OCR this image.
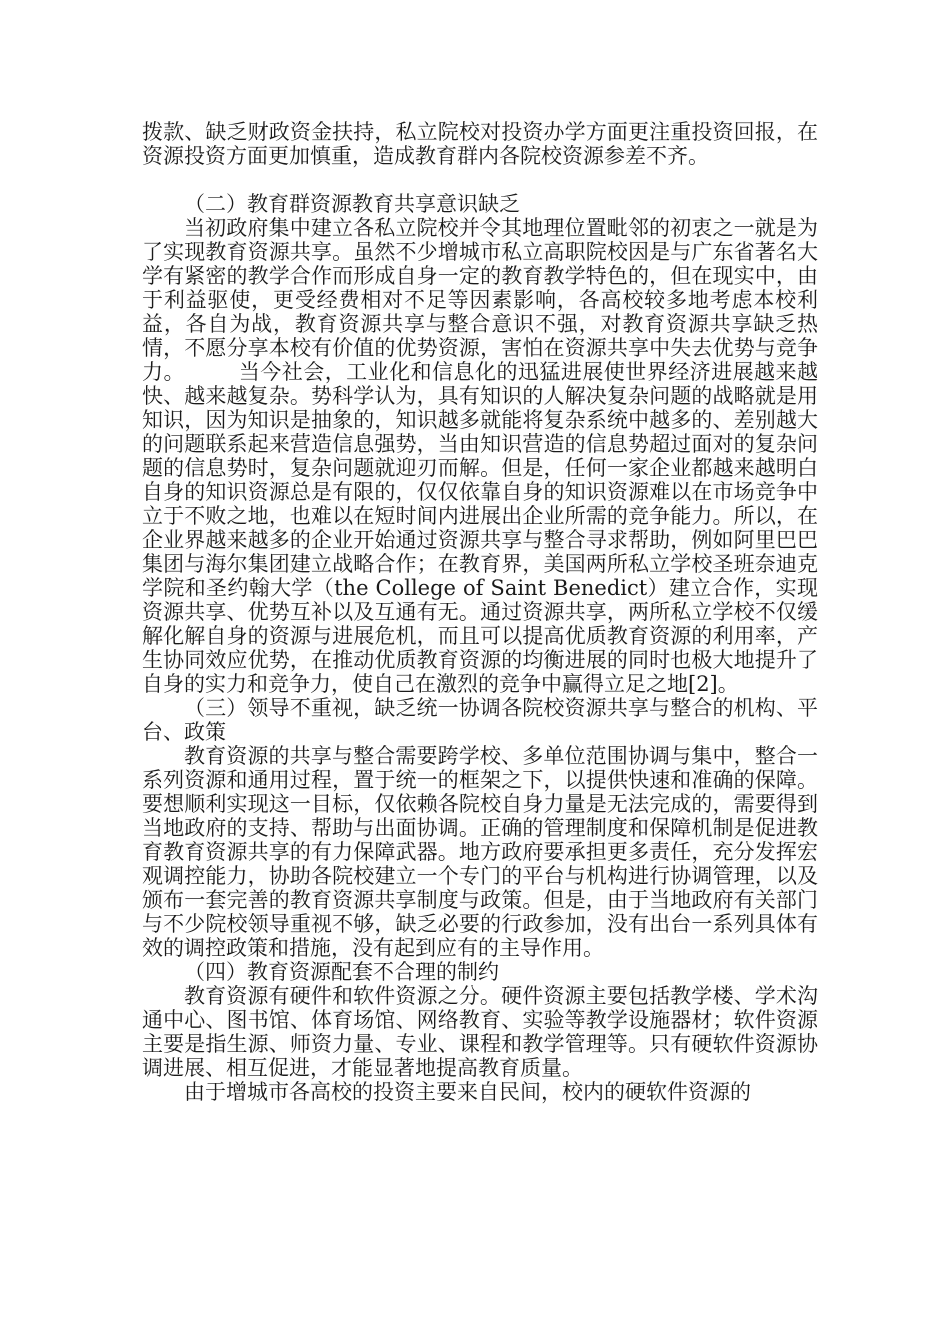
拨款、缺乏财政资金扶持，私立院校对投资办学方面更注重投资回报，在资源投资方面更加慎重，造成教育群内各院校资源参差不齐。

（二）教育群资源教育共享意识缺乏

当初政府集中建立各私立院校并令其地理位置毗邻的初衷之一就是为了实现教育资源共享。虽然不少增城市私立高职院校因是与广东省著名大学有紧密的教学合作而形成自身一定的教育教学特色的，但在现实中，由于利益驱使，更受经费相对不足等因素影响，各高校较多地考虑本校利益，各自为战，教育资源共享与整合意识不强，对教育资源共享缺乏热情，不愿分享本校有价值的优势资源，害怕在资源共享中失去优势与竞争力。　　　当今社会，工业化和信息化的迅猛进展使世界经济进展越来越快、越来越复杂。势科学认为，具有知识的人解决复杂问题的战略就是用知识，因为知识是抽象的，知识越多就能将复杂系统中越多的、差别越大的问题联系起来营造信息强势，当由知识营造的信息势超过面对的复杂问题的信息势时，复杂问题就迎刃而解。但是，任何一家企业都越来越明白自身的知识资源总是有限的，仅仅依靠自身的知识资源难以在市场竞争中立于不败之地，也难以在短时间内进展出企业所需的竞争能力。所以，在企业界越来越多的企业开始通过资源共享与整合寻求帮助，例如阿里巴巴集团与海尔集团建立战略合作；在教育界，美国两所私立学校圣班奈迪克学院和圣约翰大学（the College of Saint Benedict）建立合作，实现资源共享、优势互补以及互通有无。通过资源共享，两所私立学校不仅缓解化解自身的资源与进展危机，而且可以提高优质教育资源的利用率，产生协同效应优势，在推动优质教育资源的均衡进展的同时也极大地提升了自身的实力和竞争力，使自己在激烈的竞争中赢得立足之地[2]。

（三）领导不重视，缺乏统一协调各院校资源共享与整合的机构、平台、政策

教育资源的共享与整合需要跨学校、多单位范围协调与集中，整合一系列资源和通用过程，置于统一的框架之下，以提供快速和准确的保障。要想顺利实现这一目标，仅依赖各院校自身力量是无法完成的，需要得到当地政府的支持、帮助与出面协调。正确的管理制度和保障机制是促进教育教育资源共享的有力保障武器。地方政府要承担更多责任，充分发挥宏观调控能力，协助各院校建立一个专门的平台与机构进行协调管理，以及颁布一套完善的教育资源共享制度与政策。但是，由于当地政府有关部门与不少院校领导重视不够，缺乏必要的行政参加，没有出台一系列具体有效的调控政策和措施，没有起到应有的主导作用。

（四）教育资源配套不合理的制约

教育资源有硬件和软件资源之分。硬件资源主要包括教学楼、学术沟通中心、图书馆、体育场馆、网络教育、实验等教学设施器材；软件资源主要是指生源、师资力量、专业、课程和教学管理等。只有硬软件资源协调进展、相互促进，才能显著地提高教育质量。

由于增城市各高校的投资主要来自民间，校内的硬软件资源的
